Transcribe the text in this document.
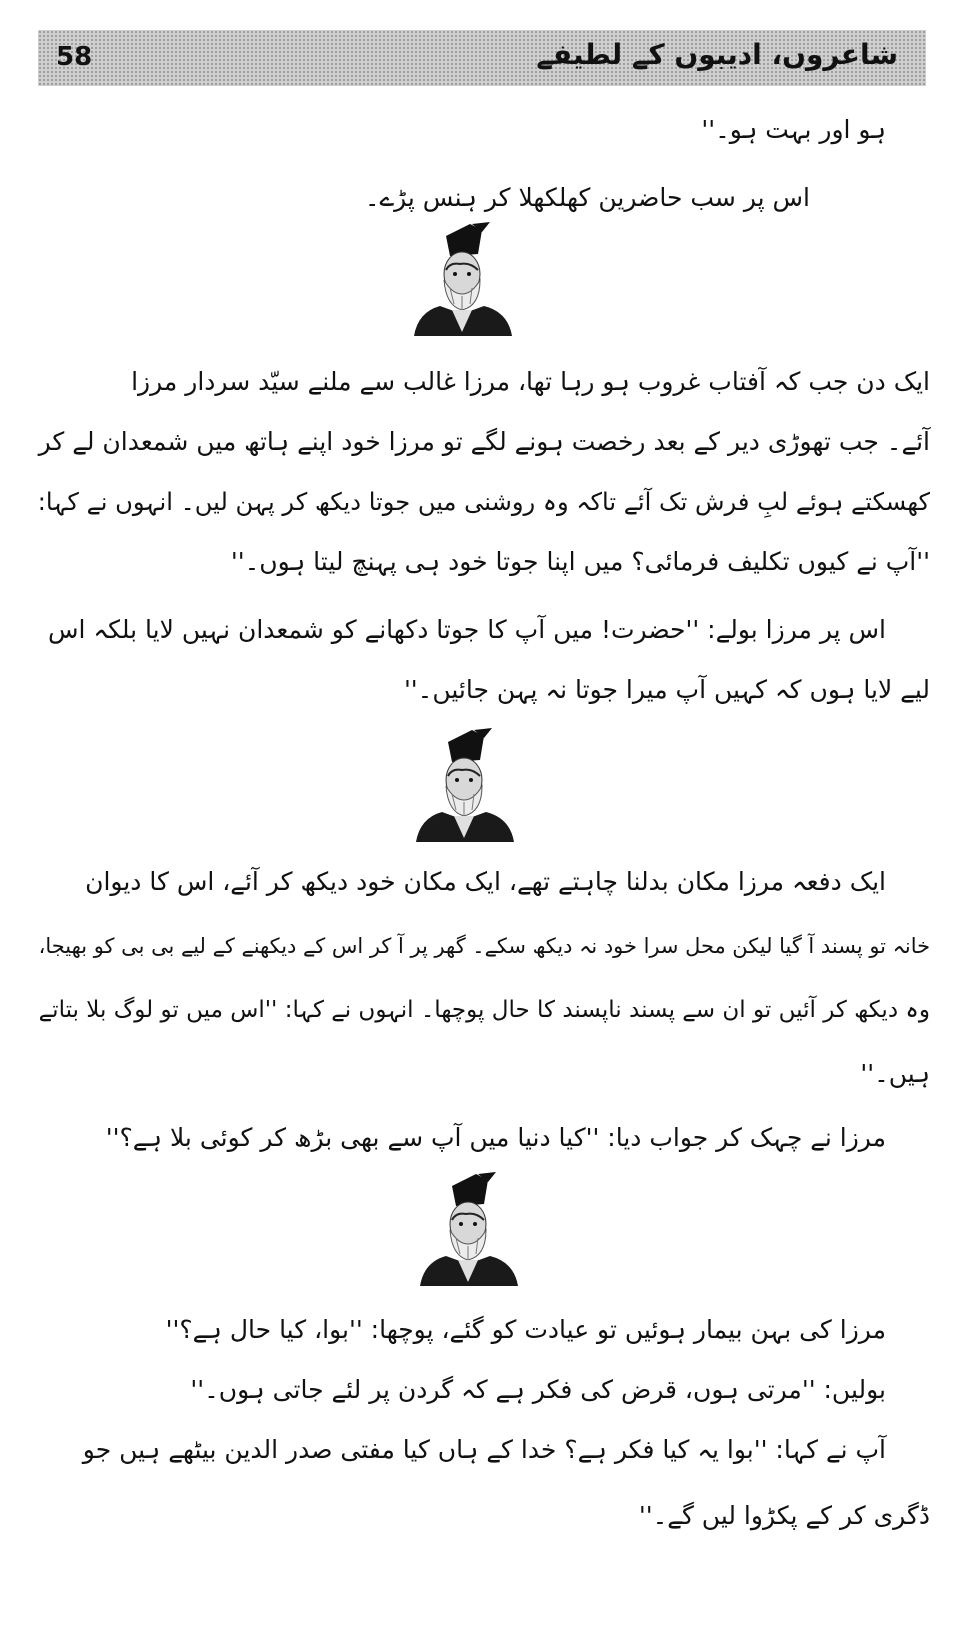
58	شاعروں، ادیبوں کے لطیفے
ہو اور بہت ہو۔''
اس پر سب حاضرین کھلکھلا کر ہنس پڑے۔
ایک دن جب کہ آفتاب غروب ہو رہا تھا، مرزا غالب سے ملنے سیّد سردار مرزا
آئے۔ جب تھوڑی دیر کے بعد رخصت ہونے لگے تو مرزا خود اپنے ہاتھ میں شمعدان لے کر
کھسکتے ہوئے لبِ فرش تک آئے تاکہ وہ روشنی میں جوتا دیکھ کر پہن لیں۔ انہوں نے کہا:
''آپ نے کیوں تکلیف فرمائی؟ میں اپنا جوتا خود ہی پہنچ لیتا ہوں۔''
اس پر مرزا بولے: ''حضرت! میں آپ کا جوتا دکھانے کو شمعدان نہیں لایا بلکہ اس
لیے لایا ہوں کہ کہیں آپ میرا جوتا نہ پہن جائیں۔''
ایک دفعہ مرزا مکان بدلنا چاہتے تھے، ایک مکان خود دیکھ کر آئے، اس کا دیوان
خانہ تو پسند آ گیا لیکن محل سرا خود نہ دیکھ سکے۔ گھر پر آ کر اس کے دیکھنے کے لیے بی بی کو بھیجا،
وہ دیکھ کر آئیں تو ان سے پسند ناپسند کا حال پوچھا۔ انہوں نے کہا: ''اس میں تو لوگ بلا بتاتے
ہیں۔''
مرزا نے چہک کر جواب دیا: ''کیا دنیا میں آپ سے بھی بڑھ کر کوئی بلا ہے؟''
مرزا کی بہن بیمار ہوئیں تو عیادت کو گئے، پوچھا: ''بوا، کیا حال ہے؟''
بولیں: ''مرتی ہوں، قرض کی فکر ہے کہ گردن پر لئے جاتی ہوں۔''
آپ نے کہا: ''بوا یہ کیا فکر ہے؟ خدا کے ہاں کیا مفتی صدر الدین بیٹھے ہیں جو
ڈگری کر کے پکڑوا لیں گے۔''
